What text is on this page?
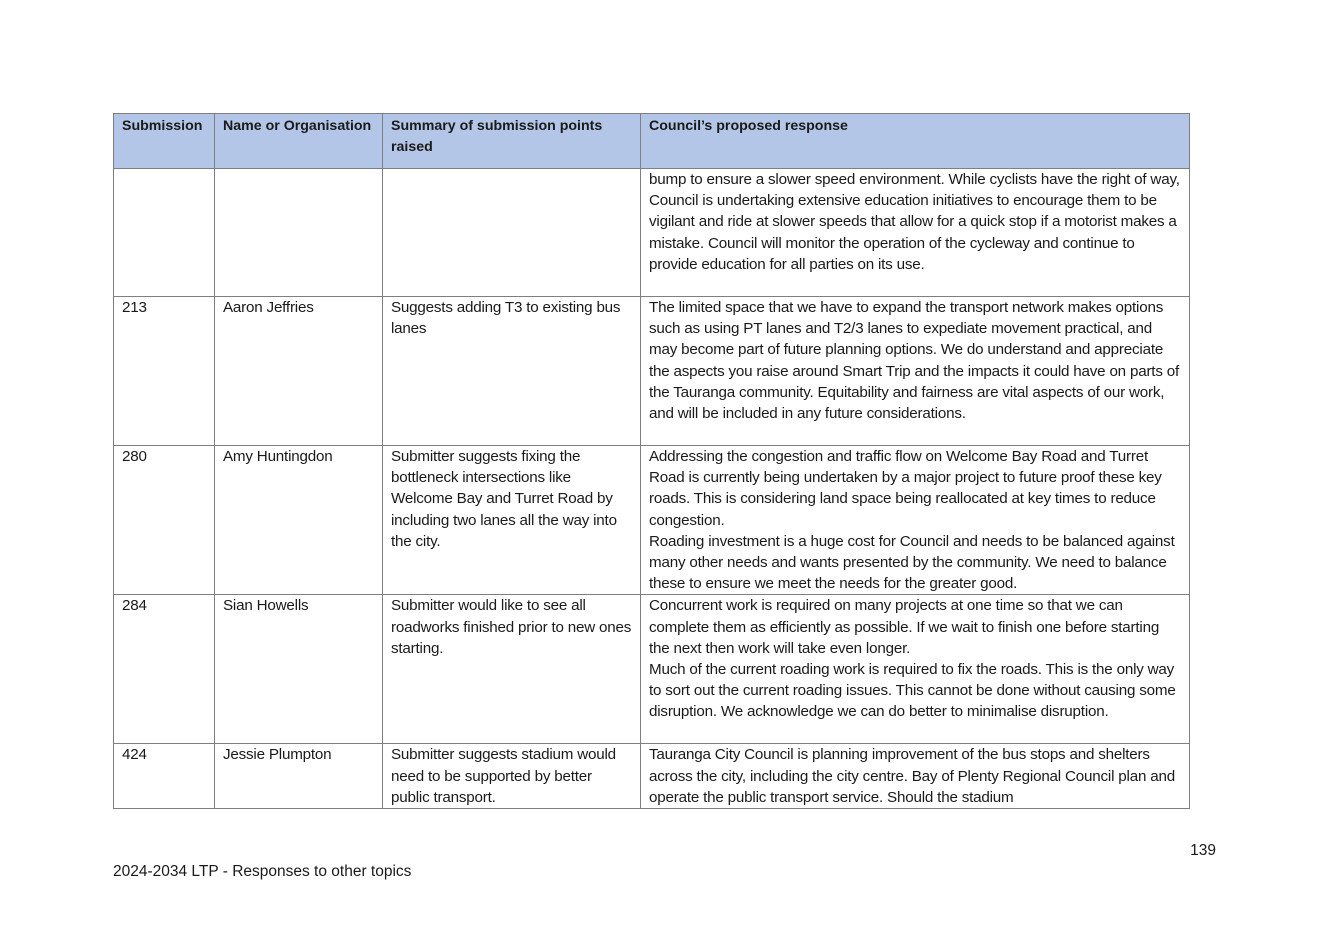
Submission	Name or Organisation	Summary of submission points raised	Council’s proposed response
			bump to ensure a slower speed environment. While cyclists have the right of way, Council is undertaking extensive education initiatives to encourage them to be vigilant and ride at slower speeds that allow for a quick stop if a motorist makes a mistake. Council will monitor the operation of the cycleway and continue to provide education for all parties on its use.
213	Aaron Jeffries	Suggests adding T3 to existing bus lanes	The limited space that we have to expand the transport network makes options such as using PT lanes and T2/3 lanes to expediate movement practical, and may become part of future planning options. We do understand and appreciate the aspects you raise around Smart Trip and the impacts it could have on parts of the Tauranga community. Equitability and fairness are vital aspects of our work, and will be included in any future considerations.
280	Amy Huntingdon	Submitter suggests fixing the bottleneck intersections like Welcome Bay and Turret Road by including two lanes all the way into the city.	Addressing the congestion and traffic flow on Welcome Bay Road and Turret Road is currently being undertaken by a major project to future proof these key roads. This is considering land space being reallocated at key times to reduce congestion.
Roading investment is a huge cost for Council and needs to be balanced against many other needs and wants presented by the community. We need to balance these to ensure we meet the needs for the greater good.
284	Sian Howells	Submitter would like to see all roadworks finished prior to new ones starting.	Concurrent work is required on many projects at one time so that we can complete them as efficiently as possible. If we wait to finish one before starting the next then work will take even longer.
Much of the current roading work is required to fix the roads. This is the only way to sort out the current roading issues. This cannot be done without causing some disruption. We acknowledge we can do better to minimalise disruption.
424	Jessie Plumpton	Submitter suggests stadium would need to be supported by better public transport.	Tauranga City Council is planning improvement of the bus stops and shelters across the city, including the city centre. Bay of Plenty Regional Council plan and operate the public transport service. Should the stadium
139
2024-2034 LTP - Responses to other topics
